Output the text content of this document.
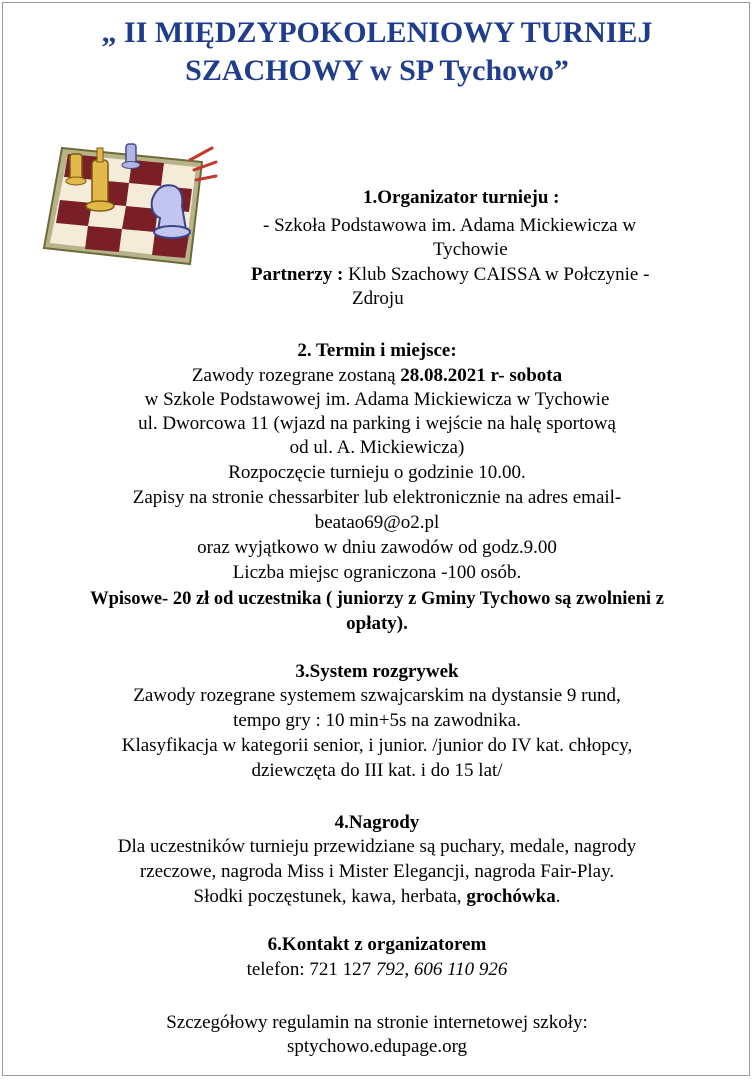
„ II MIĘDZYPOKOLENIOWY TURNIEJ
SZACHOWY w SP Tychowo”
1.Organizator turnieju :
- Szkoła Podstawowa im. Adama Mickiewicza w
Tychowie
Partnerzy : Klub Szachowy CAISSA w Połczynie -
Zdroju
2. Termin i miejsce:
Zawody rozegrane zostaną 28.08.2021 r- sobota
w Szkole Podstawowej im. Adama Mickiewicza w Tychowie
ul. Dworcowa 11 (wjazd na parking i wejście na halę sportową
od ul. A. Mickiewicza)
Rozpoczęcie turnieju o godzinie 10.00.
Zapisy na stronie chessarbiter lub elektronicznie na adres email-
beatao69@o2.pl
oraz wyjątkowo w dniu zawodów od godz.9.00
Liczba miejsc ograniczona -100 osób.
Wpisowe- 20 zł od uczestnika ( juniorzy z Gminy Tychowo są zwolnieni z
opłaty).
3.System rozgrywek
Zawody rozegrane systemem szwajcarskim na dystansie 9 rund,
tempo gry : 10 min+5s na zawodnika.
Klasyfikacja w kategorii senior, i junior. /junior do IV kat. chłopcy,
dziewczęta do III kat. i do 15 lat/
4.Nagrody
Dla uczestników turnieju przewidziane są puchary, medale, nagrody
rzeczowe, nagroda Miss i Mister Elegancji, nagroda Fair-Play.
Słodki poczęstunek, kawa, herbata, grochówka.
6.Kontakt z organizatorem
telefon: 721 127 792, 606 110 926
Szczegółowy regulamin na stronie internetowej szkoły:
sptychowo.edupage.org
